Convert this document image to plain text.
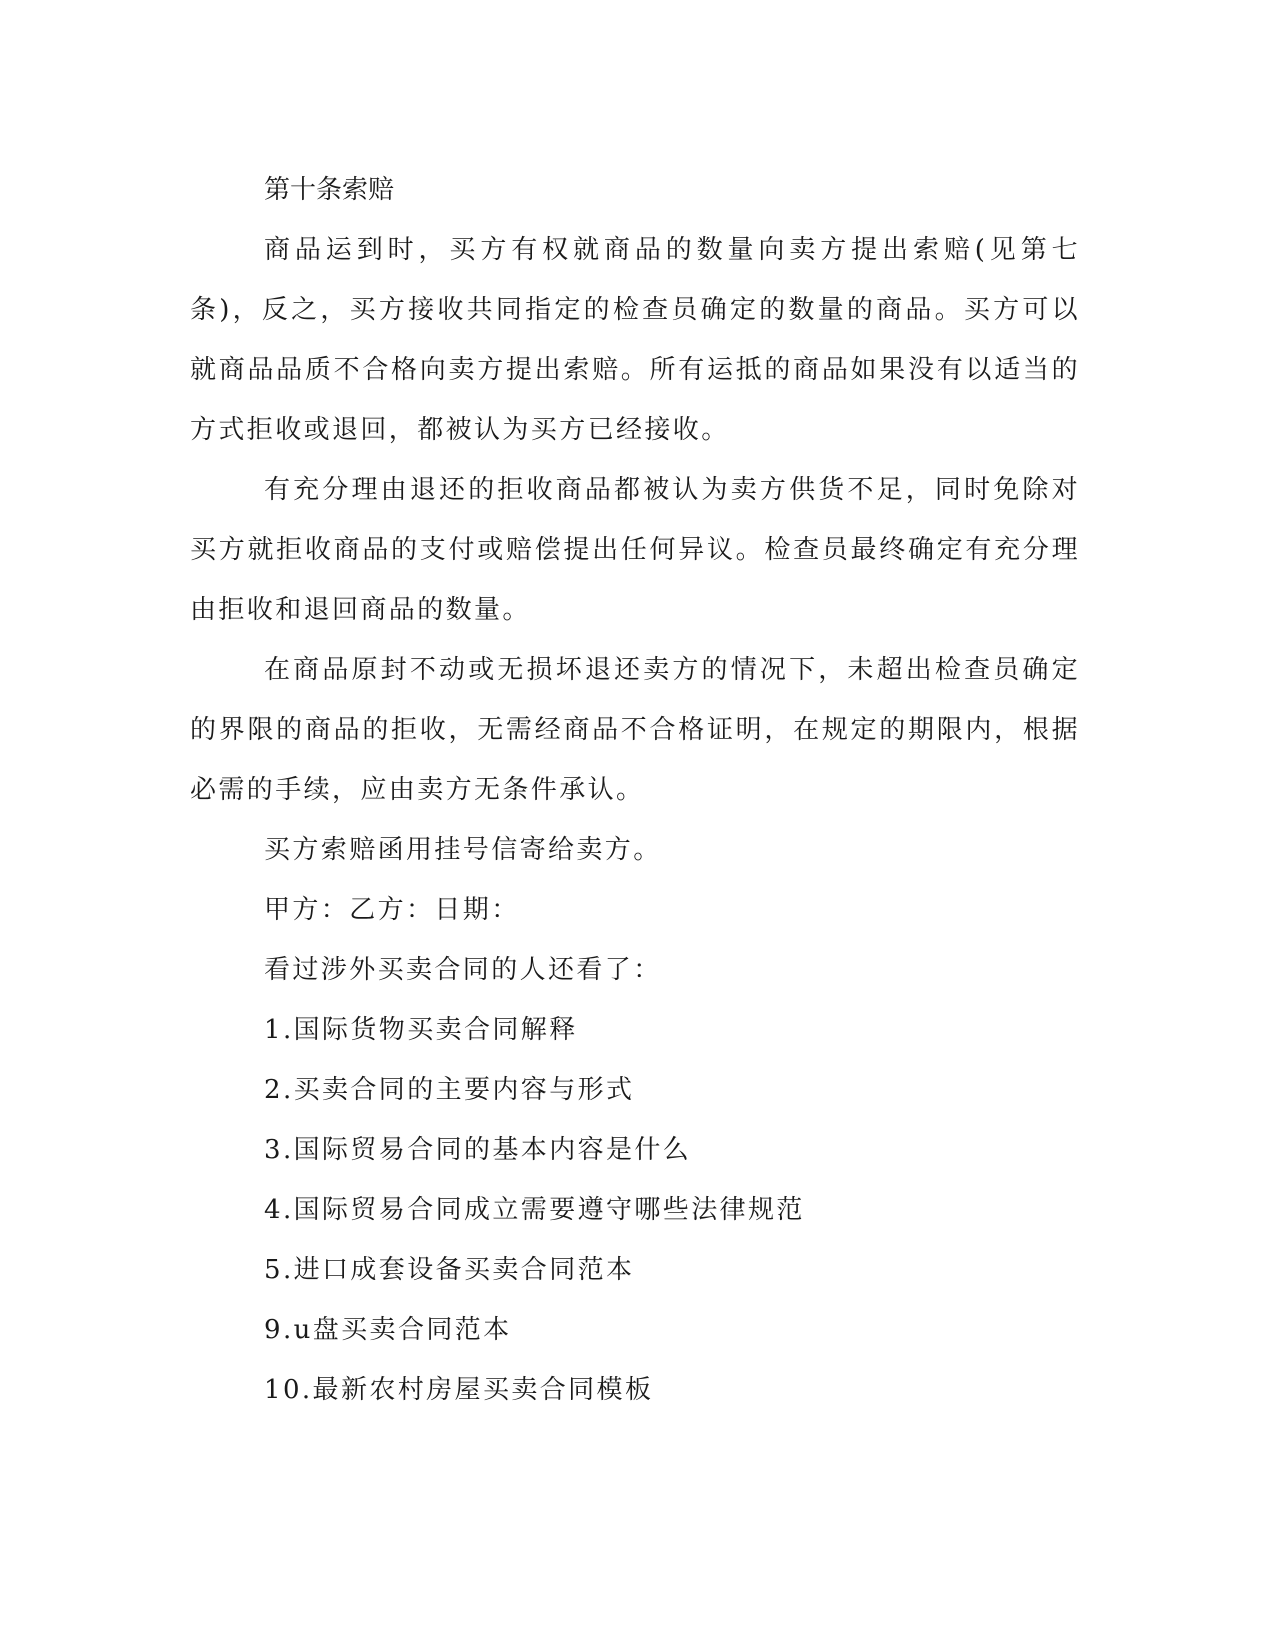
第十条索赔

商品运到时，买方有权就商品的数量向卖方提出索赔(见第七条)，反之，买方接收共同指定的检查员确定的数量的商品。买方可以就商品品质不合格向卖方提出索赔。所有运抵的商品如果没有以适当的方式拒收或退回，都被认为买方已经接收。

有充分理由退还的拒收商品都被认为卖方供货不足，同时免除对买方就拒收商品的支付或赔偿提出任何异议。检查员最终确定有充分理由拒收和退回商品的数量。

在商品原封不动或无损坏退还卖方的情况下，未超出检查员确定的界限的商品的拒收，无需经商品不合格证明，在规定的期限内，根据必需的手续，应由卖方无条件承认。

买方索赔函用挂号信寄给卖方。

甲方：乙方：日期：

看过涉外买卖合同的人还看了：

1.国际货物买卖合同解释
2.买卖合同的主要内容与形式
3.国际贸易合同的基本内容是什么
4.国际贸易合同成立需要遵守哪些法律规范
5.进口成套设备买卖合同范本
9.u盘买卖合同范本
10.最新农村房屋买卖合同模板
